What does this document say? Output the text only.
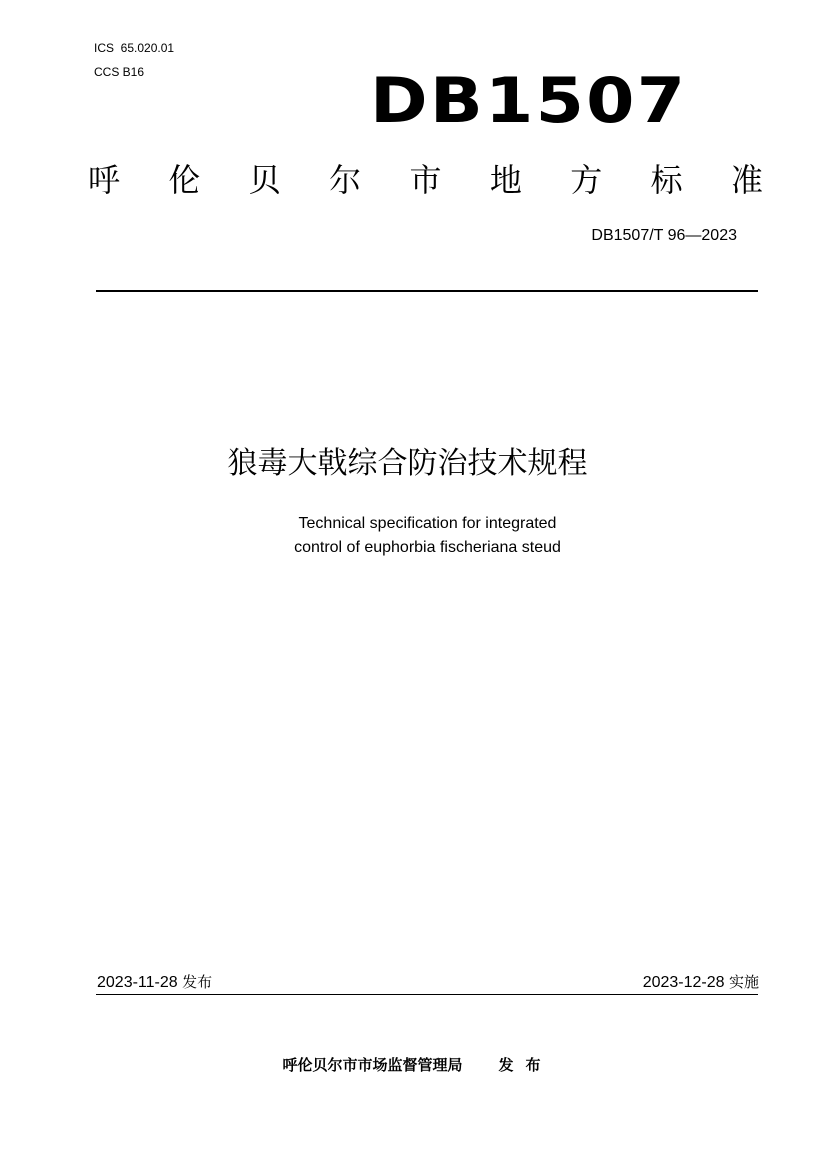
ICS  65.020.01
CCS B16	DB1507
呼 伦 贝 尔 市 地 方 标 准
DB1507/T 96—2023
狼毒大戟综合防治技术规程
Technical specification for integrated
control of euphorbia fischeriana steud
2023-11-28 发布	2023-12-28 实施
呼伦贝尔市市场监督管理局 发布
